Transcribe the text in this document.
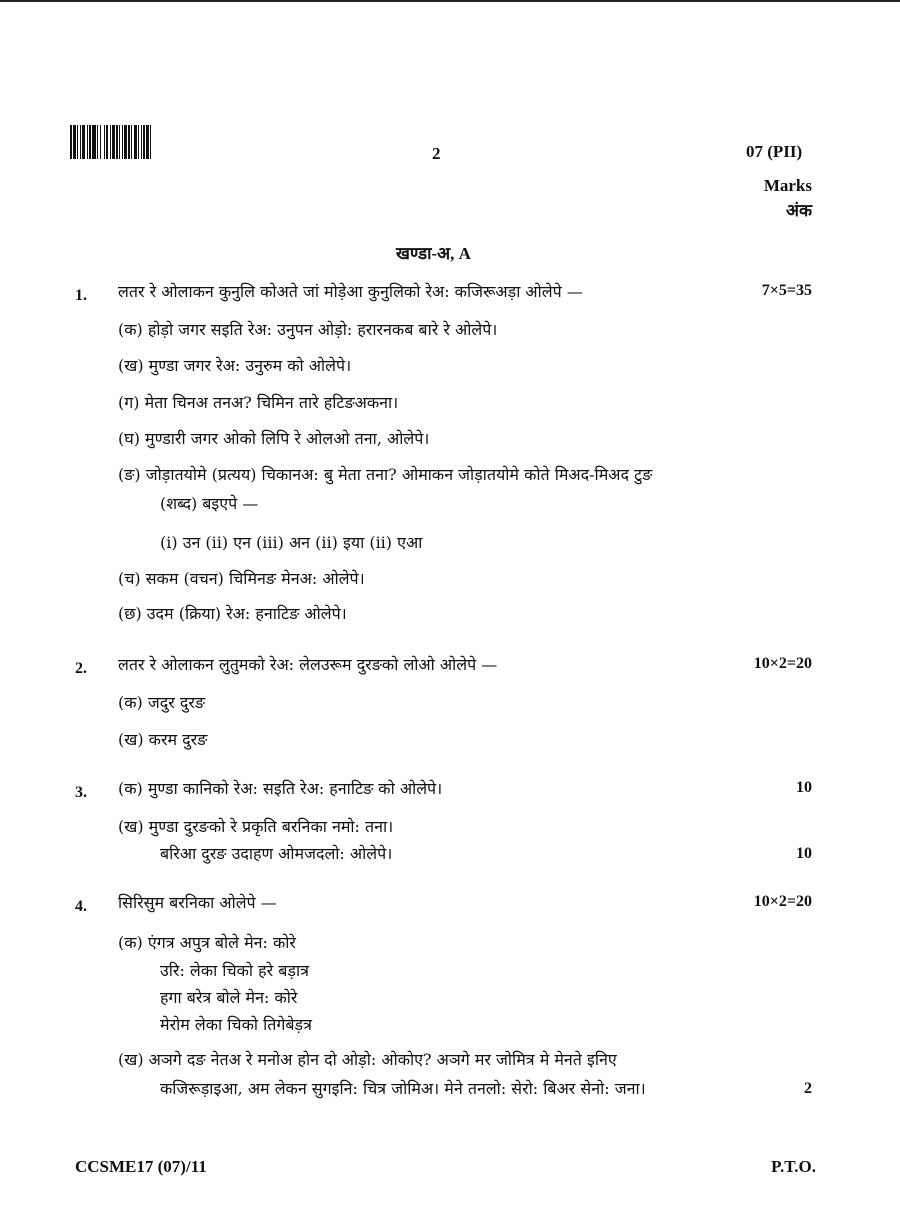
2	07 (PII)
Marks
अंक
खण्डा-अ, A
1. लतर रे ओलाकन कुनुलि कोअते जां मोड़ेआ कुनुलिको रेअ: कजिरूअड़ा ओलेपे —	7×5=35
(क) होड़ो जगर सइति रेअ: उनुपन ओड़ो: हरारनकब बारे रे ओलेपे।
(ख) मुण्डा जगर रेअ: उनुरुम को ओलेपे।
(ग) मेता चिनअ तनअ? चिमिन तारे हटिङअकना।
(घ) मुण्डारी जगर ओको लिपि रे ओलओ तना, ओलेपे।
(ङ) जोड़ातयोमे (प्रत्यय) चिकानअ: बु मेता तना? ओमाकन जोड़ातयोमे कोते मिअद-मिअद टुङ
(शब्द) बइएपे —
(i) उन (ii) एन (iii) अन (ii) इया (ii) एआ
(च) सकम (वचन) चिमिनङ मेनअ: ओलेपे।
(छ) उदम (क्रिया) रेअ: हनाटिङ ओलेपे।
2. लतर रे ओलाकन लुतुमको रेअ: लेलउरूम दुरङको लोओ ओलेपे —	10×2=20
(क) जदुर दुरङ
(ख) करम दुरङ
3. (क) मुण्डा कानिको रेअ: सइति रेअ: हनाटिङ को ओलेपे।	10
(ख) मुण्डा दुरङको रे प्रकृति बरनिका नमो: तना।
बरिआ दुरङ उदाहण ओमजदलो: ओलेपे।	10
4. सिरिसुम बरनिका ओलेपे —	10×2=20
(क) एंगत्र अपुत्र बोले मेन: कोरे
उरि: लेका चिको हरे बड़ात्र
हगा बरेत्र बोले मेन: कोरे
मेरोम लेका चिको तिगेबेड़त्र
(ख) अञगे दङ नेतअ रे मनोअ होन दो ओड़ो: ओकोए? अञगे मर जोमित्र मे मेनते इनिए
कजिरूड़ाइआ, अम लेकन सुगइनि: चित्र जोमिअ। मेने तनलो: सेरो: बिअर सेनो: जना।	2
CCSME17 (07)/11	P.T.O.
